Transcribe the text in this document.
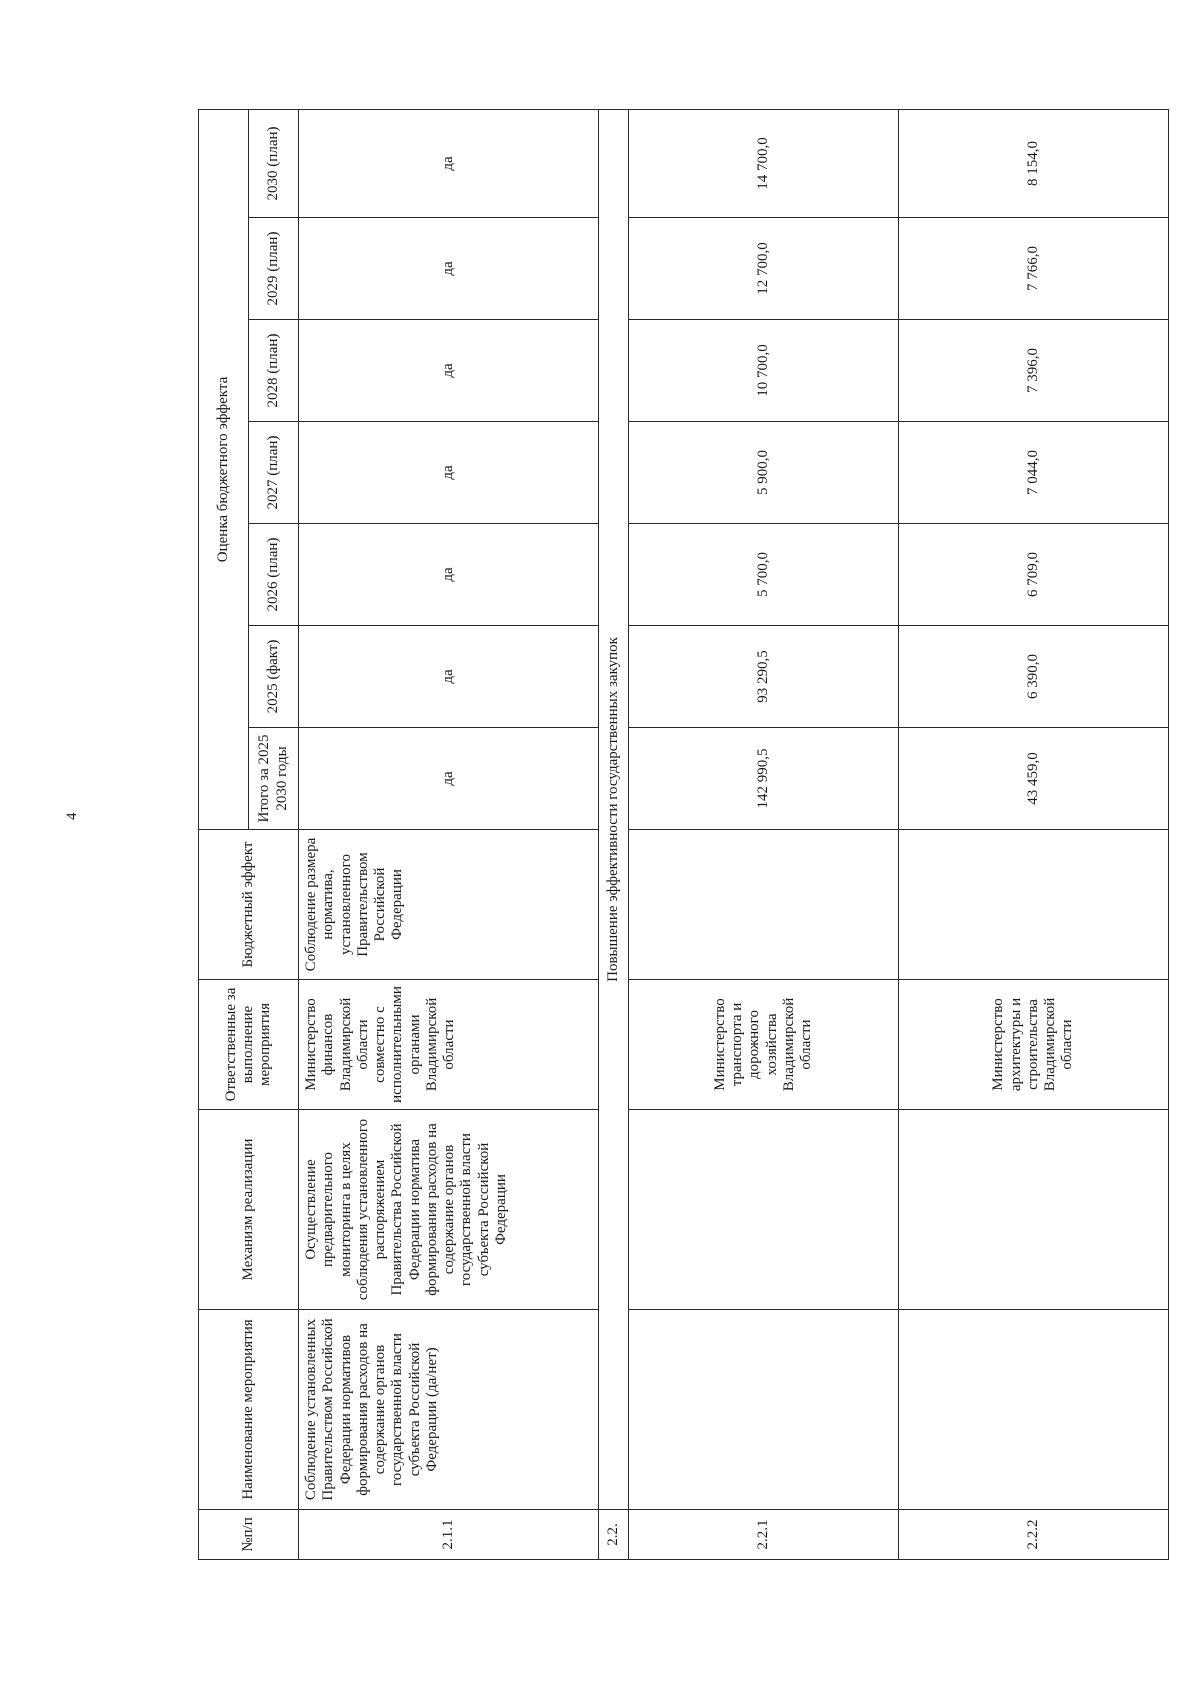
4
№п/п	Наименование мероприятия	Механизм реализации	Ответственные за выполнение мероприятия	Бюджетный эффект	Оценка бюджетного эффекта						
					Итого за 2025 2030 годы	2025 (факт)	2026 (план)	2027 (план)	2028 (план)	2029 (план)	2030 (план)
2.1.1	Соблюдение установленных Правительством Российской Федерации нормативов формирования расходов на содержание органов государственной власти субъекта Российской Федерации (да/нет)	Осуществление предварительного мониторинга в целях соблюдения установленного распоряжением Правительства Российской Федерации норматива формирования расходов на содержание органов государственной власти субъекта Российской Федерации	Министерство финансов Владимирской области совместно с исполнительными органами Владимирской области	Соблюдение размера норматива, установленного Правительством Российской Федерации	да	да	да	да	да	да	да
2.2.	Повышение эффективности государственных закупок										
2.2.1			Министерство транспорта и дорожного хозяйства Владимирской области		142 990,5	93 290,5	5 700,0	5 900,0	10 700,0	12 700,0	14 700,0
2.2.2			Министерство архитектуры и строительства Владимирской области		43 459,0	6 390,0	6 709,0	7 044,0	7 396,0	7 766,0	8 154,0
